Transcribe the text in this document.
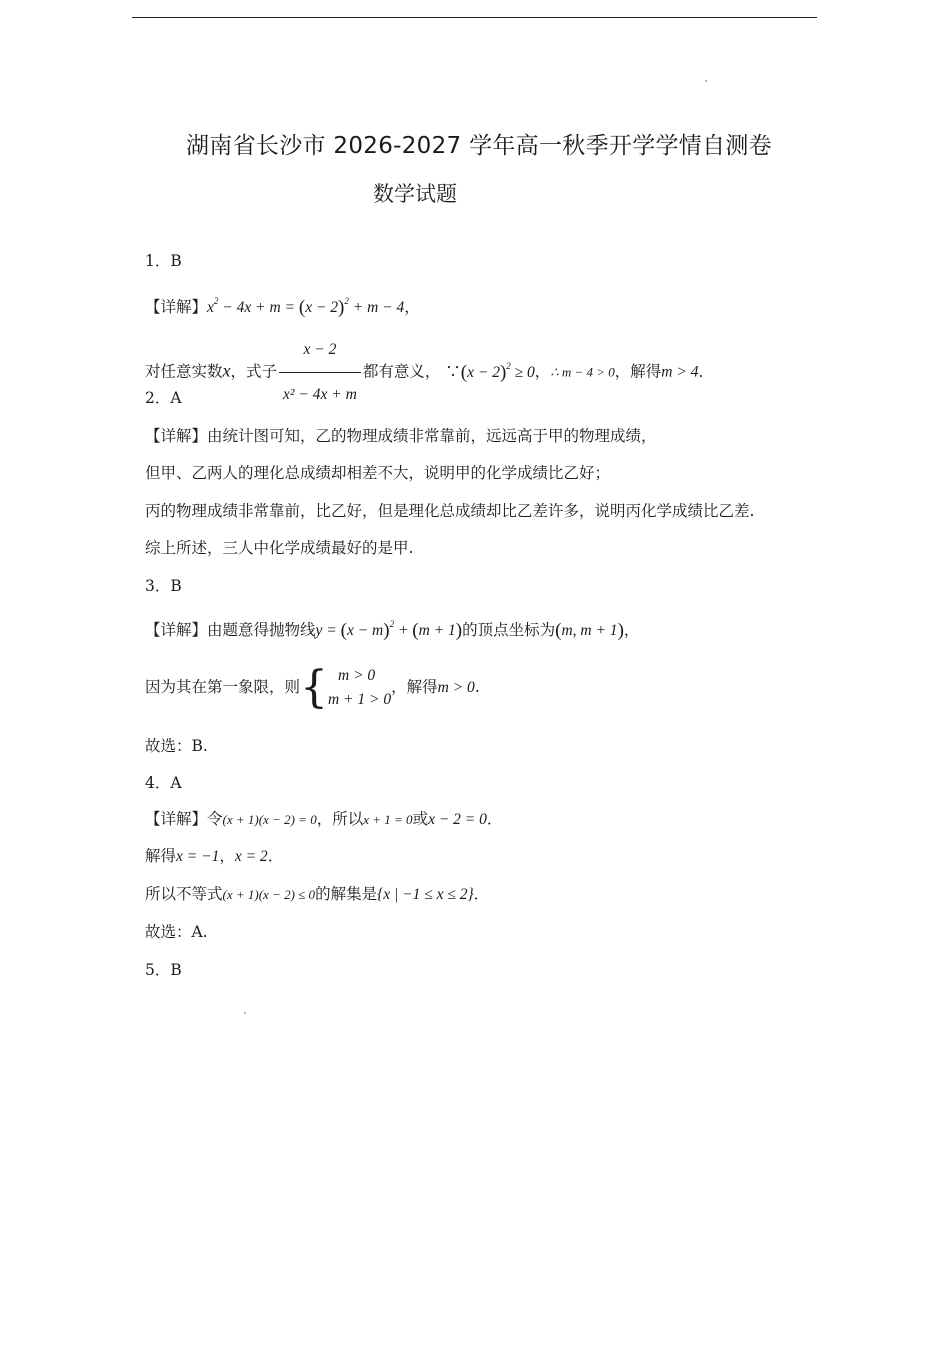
湖南省长沙市 2026-2027 学年高一秋季开学学情自测卷
数学试题
1．B
【详解】$x^2 - 4x + m = (x - 2)^2 + m - 4$，
对任意实数x，式子 $\frac{x - 2}{\text{x² − 4x + m}}$ 都有意义， ∵(x − 2)$^2$ ≥ 0，∴ m − 4 > 0，解得m > 4．
2．A
【详解】由统计图可知，乙的物理成绩非常靠前，远远高于甲的物理成绩，
但甲、乙两人的理化总成绩却相差不大，说明甲的化学成绩比乙好；
丙的物理成绩非常靠前，比乙好，但是理化总成绩却比乙差许多，说明丙化学成绩比乙差.
综上所述，三人中化学成绩最好的是甲.
3．B
【详解】由题意得抛物线$y = (x - m)^2 + (m + 1)$的顶点坐标为(m, m + 1)，
因为其在第一象限，则{ m > 0
m + 1 > 0
，解得m > 0.
故选：B.
4．A
【详解】令(x + 1)(x − 2) = 0，所以x + 1 = 0或x − 2 = 0．
解得x = −1，x = 2．
所以不等式(x + 1)(x − 2) ≤ 0的解集是{x | −1 ≤ x ≤ 2}．
故选：A.
5．B
